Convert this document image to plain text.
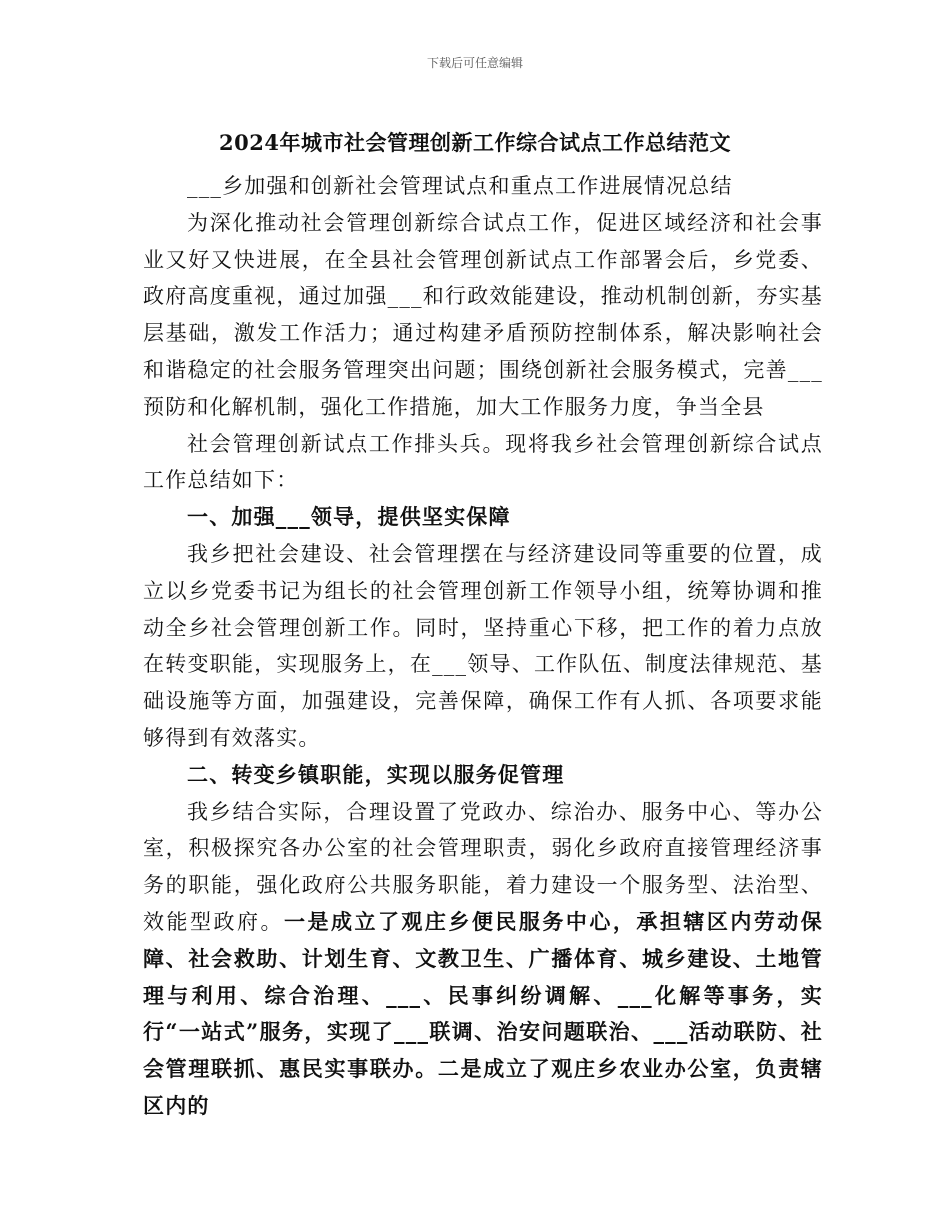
下载后可任意编辑
2024年城市社会管理创新工作综合试点工作总结范文

___乡加强和创新社会管理试点和重点工作进展情况总结

为深化推动社会管理创新综合试点工作，促进区域经济和社会事业又好又快进展，在全县社会管理创新试点工作部署会后，乡党委、政府高度重视，通过加强___和行政效能建设，推动机制创新，夯实基层基础，激发工作活力；通过构建矛盾预防控制体系，解决影响社会和谐稳定的社会服务管理突出问题；围绕创新社会服务模式，完善___预防和化解机制，强化工作措施，加大工作服务力度，争当全县

社会管理创新试点工作排头兵。现将我乡社会管理创新综合试点工作总结如下：

一、加强___领导，提供坚实保障

我乡把社会建设、社会管理摆在与经济建设同等重要的位置，成立以乡党委书记为组长的社会管理创新工作领导小组，统筹协调和推动全乡社会管理创新工作。同时，坚持重心下移，把工作的着力点放在转变职能，实现服务上，在___领导、工作队伍、制度法律规范、基础设施等方面，加强建设，完善保障，确保工作有人抓、各项要求能够得到有效落实。

二、转变乡镇职能，实现以服务促管理

我乡结合实际，合理设置了党政办、综治办、服务中心、等办公室，积极探究各办公室的社会管理职责，弱化乡政府直接管理经济事务的职能，强化政府公共服务职能，着力建设一个服务型、法治型、效能型政府。一是成立了观庄乡便民服务中心，承担辖区内劳动保障、社会救助、计划生育、文教卫生、广播体育、城乡建设、土地管理与利用、综合治理、___、民事纠纷调解、___化解等事务，实行“一站式”服务，实现了___联调、治安问题联治、___活动联防、社会管理联抓、惠民实事联办。二是成立了观庄乡农业办公室，负责辖区内的
